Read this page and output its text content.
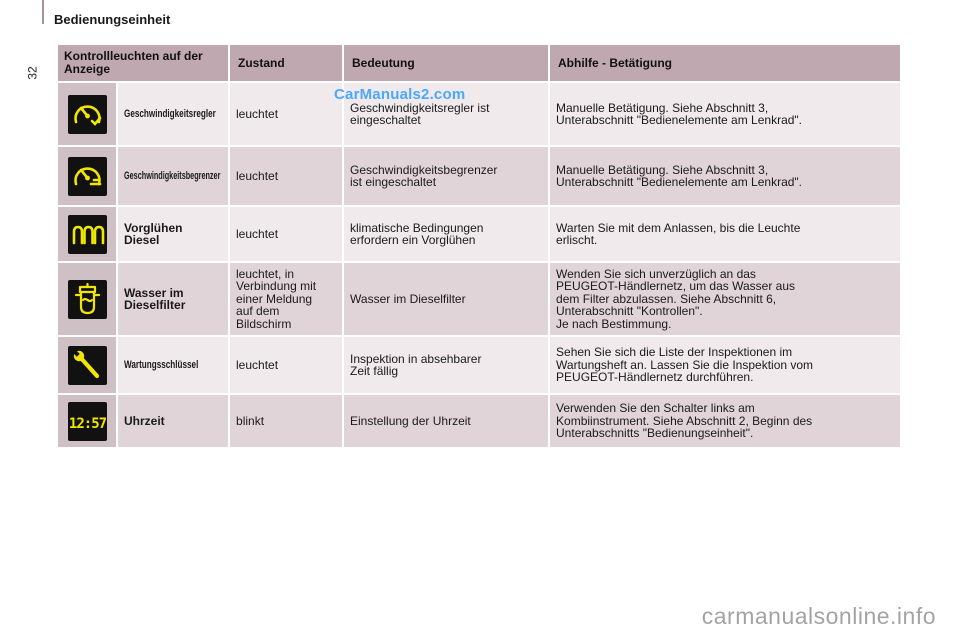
32
Bedienungseinheit
Kontrollleuchten auf der Anzeige		Zustand	Bedeutung	Abhilfe - Betätigung

	Geschwindigkeitsregler	leuchtet	Geschwindigkeitsregler ist
eingeschaltet	Manuelle Betätigung. Siehe Abschnitt 3,
Unterabschnitt "Bedienelemente am Lenkrad".

	Geschwindigkeitsbegrenzer	leuchtet	Geschwindigkeitsbegrenzer
ist eingeschaltet	Manuelle Betätigung. Siehe Abschnitt 3,
Unterabschnitt "Bedienelemente am Lenkrad".

	Vorglühen
Diesel	leuchtet	klimatische Bedingungen
erfordern ein Vorglühen	Warten Sie mit dem Anlassen, bis die Leuchte
erlischt.

	Wasser im
Dieselfilter	leuchtet, in
Verbindung mit
einer Meldung
auf dem
Bildschirm	Wasser im Dieselfilter	Wenden Sie sich unverzüglich an das
PEUGEOT-Händlernetz, um das Wasser aus
dem Filter abzulassen. Siehe Abschnitt 6,
Unterabschnitt "Kontrollen".
Je nach Bestimmung.

	Wartungsschlüssel	leuchtet	Inspektion in absehbarer
Zeit fällig	Sehen Sie sich die Liste der Inspektionen im
Wartungsheft an. Lassen Sie die Inspektion vom
PEUGEOT-Händlernetz durchführen.

12:57	Uhrzeit	blinkt	Einstellung der Uhrzeit	Verwenden Sie den Schalter links am
Kombiinstrument. Siehe Abschnitt 2, Beginn des
Unterabschnitts "Bedienungseinheit".
CarManuals2.com
carmanualsonline.info
